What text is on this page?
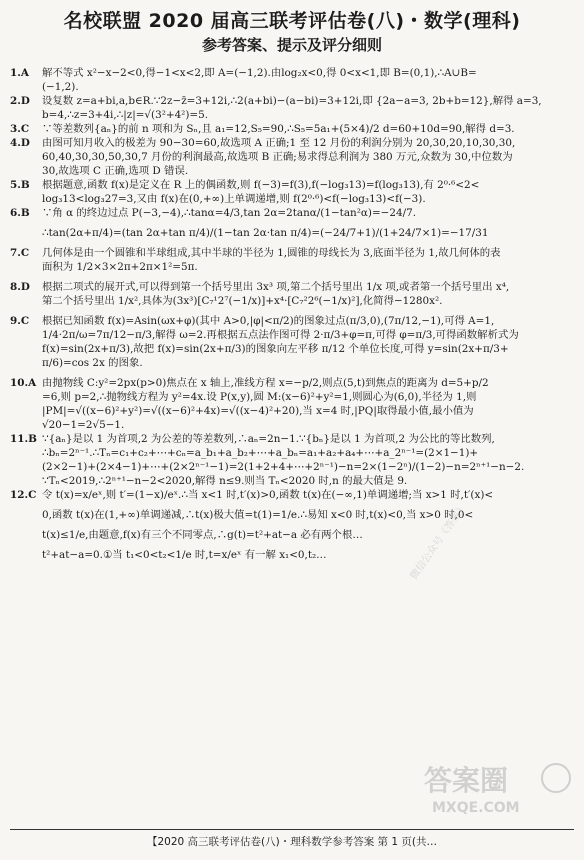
名校联盟 2020 届高三联考评估卷(八)・数学(理科)
参考答案、提示及评分细则
1.A	解不等式 x²−x−2<0,得−1<x<2,即 A=(−1,2).由log₂x<0,得 0<x<1,即 B=(0,1),∴A∪B=
(−1,2).
2.D	设复数 z=a+bi,a,b∈R.∵2z−z̄=3+12i,∴2(a+bi)−(a−bi)=3+12i,即 {2a−a=3, 2b+b=12},解得 a=3,
b=4,∴z=3+4i,∴|z|=√(3²+4²)=5.
3.C	∵等差数列{aₙ}的前 n 项和为 Sₙ,且 a₁=12,S₅=90,∴S₅=5a₁+(5×4)/2 d=60+10d=90,解得 d=3.
4.D	由图可知月收入的极差为 90−30=60,故选项 A 正确;1 至 12 月份的利润分别为 20,30,20,10,30,30,
60,40,30,30,50,30,7 月份的利润最高,故选项 B 正确;易求得总利润为 380 万元,众数为 30,中位数为
30,故选项 C 正确,选项 D 错误.
5.B	根据题意,函数 f(x)是定义在 R 上的偶函数,则 f(−3)=f(3),f(−log₃13)=f(log₃13),有 2⁰·⁶<2<
log₃13<log₃27=3,又由 f(x)在(0,+∞)上单调递增,则 f(2⁰·⁶)<f(−log₃13)<f(−3).
6.B	∵角 α 的终边过点 P(−3,−4),∴tanα=4/3,tan 2α=2tanα/(1−tan²α)=−24/7.
∴tan(2α+π/4)=(tan 2α+tan π/4)/(1−tan 2α·tan π/4)=(−24/7+1)/(1+24/7×1)=−17/31
7.C	几何体是由一个圆锥和半球组成,其中半球的半径为 1,圆锥的母线长为 3,底面半径为 1,故几何体的表
面积为 1/2×3×2π+2π×1²=5π.
8.D	根据二项式的展开式,可以得到第一个括号里出 3x³ 项,第二个括号里出 1/x 项,或者第一个括号里出 x⁴,
第二个括号里出 1/x²,具体为(3x³)[C₇¹2⁷(−1/x)]+x⁴·[C₇²2⁶(−1/x)²],化简得−1280x².
9.C	根据已知函数 f(x)=Asin(ωx+φ)(其中 A>0,|φ|<π/2)的图象过点(π/3,0),(7π/12,−1),可得 A=1,
1/4·2π/ω=7π/12−π/3,解得 ω=2.再根据五点法作图可得 2·π/3+φ=π,可得 φ=π/3,可得函数解析式为
f(x)=sin(2x+π/3),故把 f(x)=sin(2x+π/3)的图象向左平移 π/12 个单位长度,可得 y=sin(2x+π/3+
π/6)=cos 2x 的图象.
10.A 由抛物线 C:y²=2px(p>0)焦点在 x 轴上,准线方程 x=−p/2,则点(5,t)到焦点的距离为 d=5+p/2
=6,则 p=2,∴抛物线方程为 y²=4x.设 P(x,y),圆 M:(x−6)²+y²=1,则圆心为(6,0),半径为 1,则
|PM|=√((x−6)²+y²)=√((x−6)²+4x)=√((x−4)²+20),当 x=4 时,|PQ|取得最小值,最小值为
√20−1=2√5−1.
11.B ∵{aₙ}是以 1 为首项,2 为公差的等差数列,∴aₙ=2n−1.∵{bₙ}是以 1 为首项,2 为公比的等比数列,
∴bₙ=2ⁿ⁻¹.∴Tₙ=c₁+c₂+⋯+cₙ=a_b₁+a_b₂+⋯+a_bₙ=a₁+a₂+a₄+⋯+a_2ⁿ⁻¹=(2×1−1)+
(2×2−1)+(2×4−1)+⋯+(2×2ⁿ⁻¹−1)=2(1+2+4+⋯+2ⁿ⁻¹)−n=2×(1−2ⁿ)/(1−2)−n=2ⁿ⁺¹−n−2.
∵Tₙ<2019,∴2ⁿ⁺¹−n−2<2020,解得 n≤9.则当 Tₙ<2020 时,n 的最大值是 9.
12.C 令 t(x)=x/eˣ,则 t′=(1−x)/eˣ.∴当 x<1 时,t′(x)>0,函数 t(x)在(−∞,1)单调递增;当 x>1 时,t′(x)<
0,函数 t(x)在(1,+∞)单调递减,∴t(x)极大值=t(1)=1/e.∴易知 x<0 时,t(x)<0,当 x>0 时,0<
t(x)≤1/e,由题意,f(x)有三个不同零点,∴g(t)=t²+at−a 必有两个根…
t²+at−a=0.①当 t₁<0<t₂<1/e 时,t=x/eˣ 有一解 x₁<0,t₂…
【2020 高三联考评估卷(八)・理科数学参考答案 第 1 页(共…
微信公众号《答案》
答案圈
MXQE.COM
